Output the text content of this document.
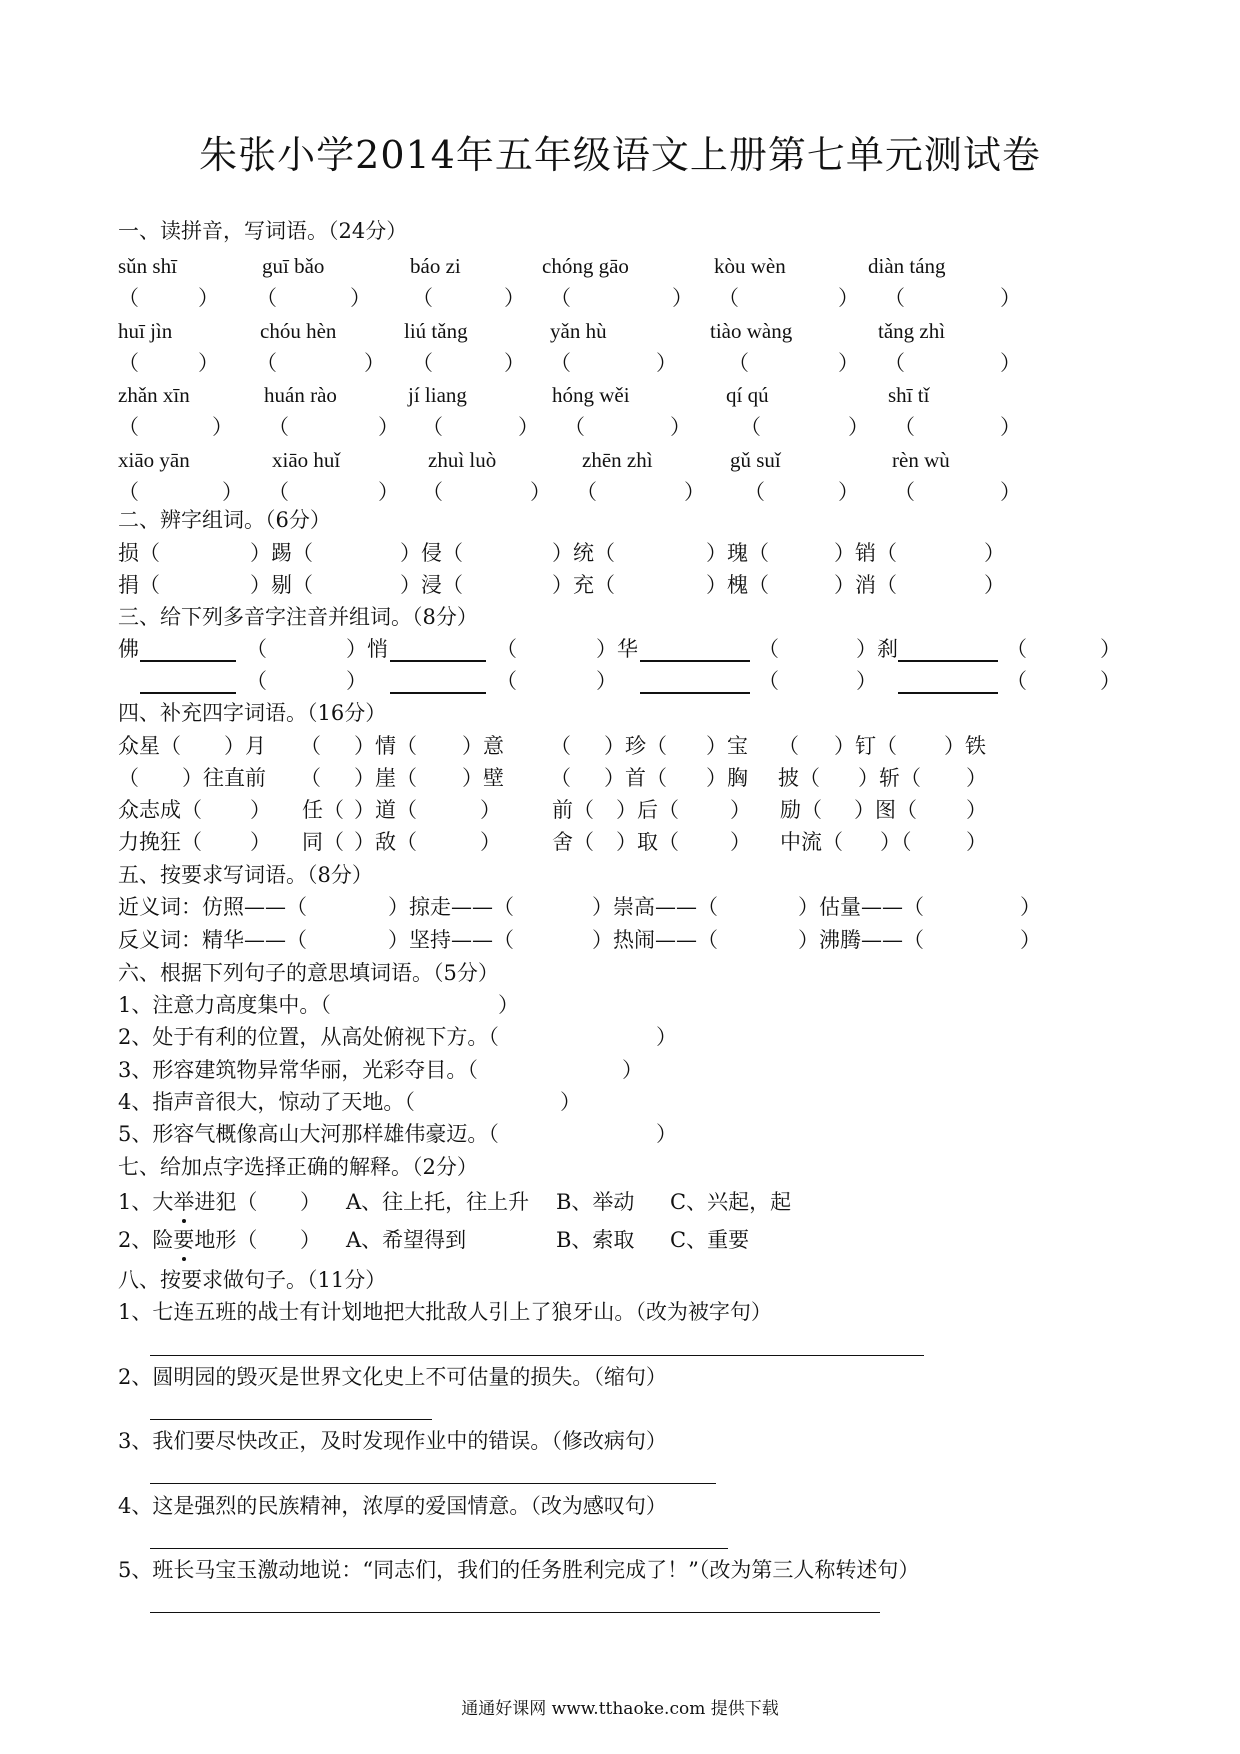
朱张小学2014年五年级语文上册第七单元测试卷
一、读拼音，写词语。（24分）
sǔn shī	guī bǎo	báo zi	chóng gāo	kòu wèn	diàn táng
（	） （	） （	） （	） （	） （	）
huī jìn	chóu hèn	liú tǎng	yǎn hù	tiào wàng	tǎng zhì
（	） （	） （	） （	） （	） （	）
zhǎn xīn	huán rào	jí liang	hóng wěi	qí qú	shī tǐ
（	） （	） （	） （	） （	） （	）
xiāo yān	xiāo huǐ	zhuì luò	zhēn zhì	gǔ suǐ	rèn wù
（	） （	） （	） （	） （	） （	）
二、辨字组词。（6分）
损（	）踢（	）侵（	）统（	）瑰（	）销（	）
捐（	）剔（	）浸（	）充（	）槐（	）消（	）
三、给下列多音字注音并组词。（8分）
佛	（	）悄	（	）华	（	）刹	（	）
（	）	（	）	（	）	（	）
四、补充四字词语。（16分）
众星（ ）月 （ ）情（ ）意 （ ）珍（ ）宝 （ ）钉（ ）铁
（ ）往直前 （ ）崖（ ）壁 （ ）首（ ）胸 披（ ）斩（ ）
众志成（ ） 任（ ）道（	） 前（ ）后（ ） 励（ ）图（ ）
力挽狂（ ） 同（ ）敌（	） 舍（ ）取（ ） 中流（ ）（	）
五、按要求写词语。（8分）
近义词：仿照——（	）掠走——（	）崇高——（	）估量——（	）
反义词：精华——（	）坚持——（	）热闹——（	）沸腾——（	）
六、根据下列句子的意思填词语。（5分）
1、注意力高度集中。（	）
2、处于有利的位置，从高处俯视下方。（	）
3、形容建筑物异常华丽，光彩夺目。（	）
4、指声音很大，惊动了天地。（	）
5、形容气概像高山大河那样雄伟豪迈。（	）
七、给加点字选择正确的解释。（2分）
1、大举进犯（ ） A、往上托，往上升 B、举动 C、兴起，起
2、险要地形（ ） A、希望得到	B、索取 C、重要
八、按要求做句子。（11分）
1、七连五班的战士有计划地把大批敌人引上了狼牙山。（改为被字句）
2、圆明园的毁灭是世界文化史上不可估量的损失。（缩句）
3、我们要尽快改正，及时发现作业中的错误。（修改病句）
4、这是强烈的民族精神，浓厚的爱国情意。（改为感叹句）
5、班长马宝玉激动地说：“同志们，我们的任务胜利完成了！”（改为第三人称转述句）
通通好课网 www.tthaoke.com 提供下载
